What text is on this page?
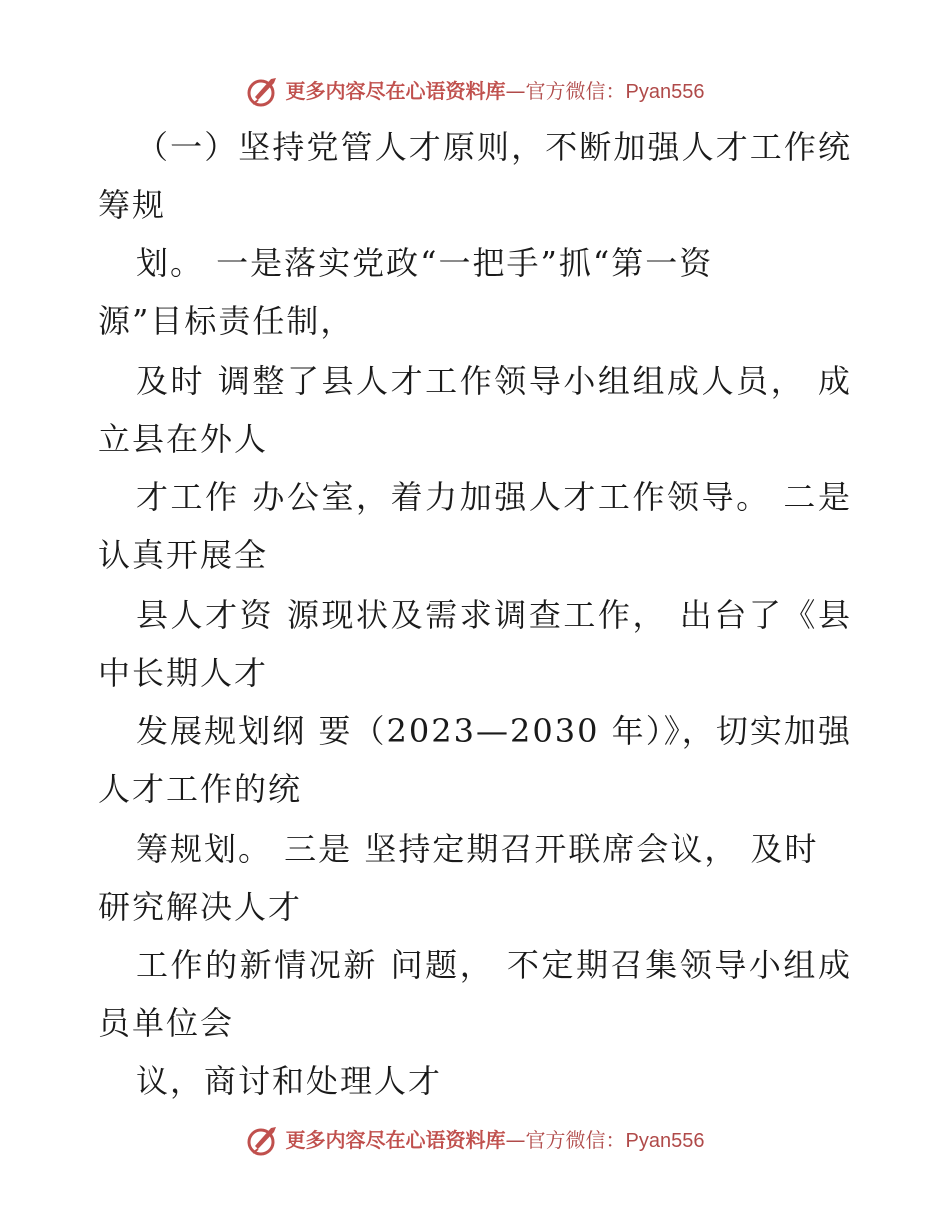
更多内容尽在心语资料库—官方微信：Pyan556
（一）坚持党管人才原则，不断加强人才工作统
筹规
划。 一是落实党政“一把手”抓“第一资
源”目标责任制，
及时 调整了县人才工作领导小组组成人员， 成
立县在外人
才工作 办公室，着力加强人才工作领导。 二是
认真开展全
县人才资 源现状及需求调查工作， 出台了《县
中长期人才
发展规划纲 要（2023—2030 年）》，切实加强
人才工作的统
筹规划。 三是 坚持定期召开联席会议， 及时
研究解决人才
工作的新情况新 问题， 不定期召集领导小组成
员单位会
议，商讨和处理人才
更多内容尽在心语资料库—官方微信：Pyan556
